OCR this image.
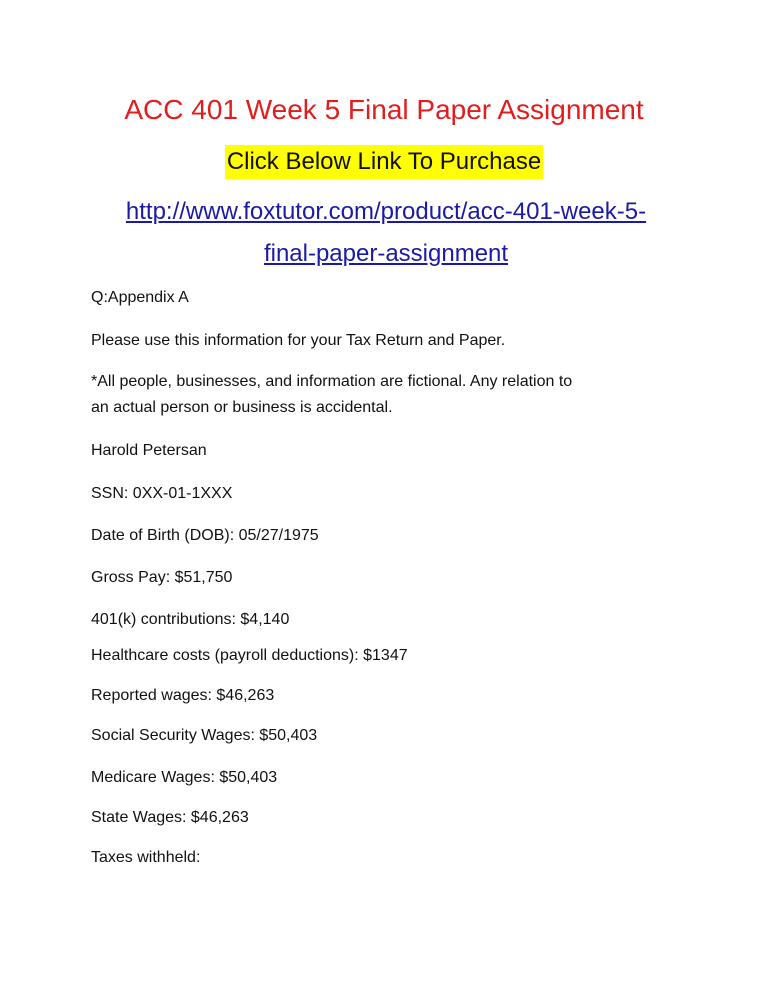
ACC 401 Week 5 Final Paper Assignment
Click Below Link To Purchase
http://www.foxtutor.com/product/acc-401-week-5-
final-paper-assignment
Q:Appendix A
Please use this information for your Tax Return and Paper.
*All people, businesses, and information are fictional. Any relation to
an actual person or business is accidental.
Harold Petersan
SSN: 0XX-01-1XXX
Date of Birth (DOB): 05/27/1975
Gross Pay: $51,750
401(k) contributions: $4,140
Healthcare costs (payroll deductions): $1347
Reported wages: $46,263
Social Security Wages: $50,403
Medicare Wages: $50,403
State Wages: $46,263
Taxes withheld:
